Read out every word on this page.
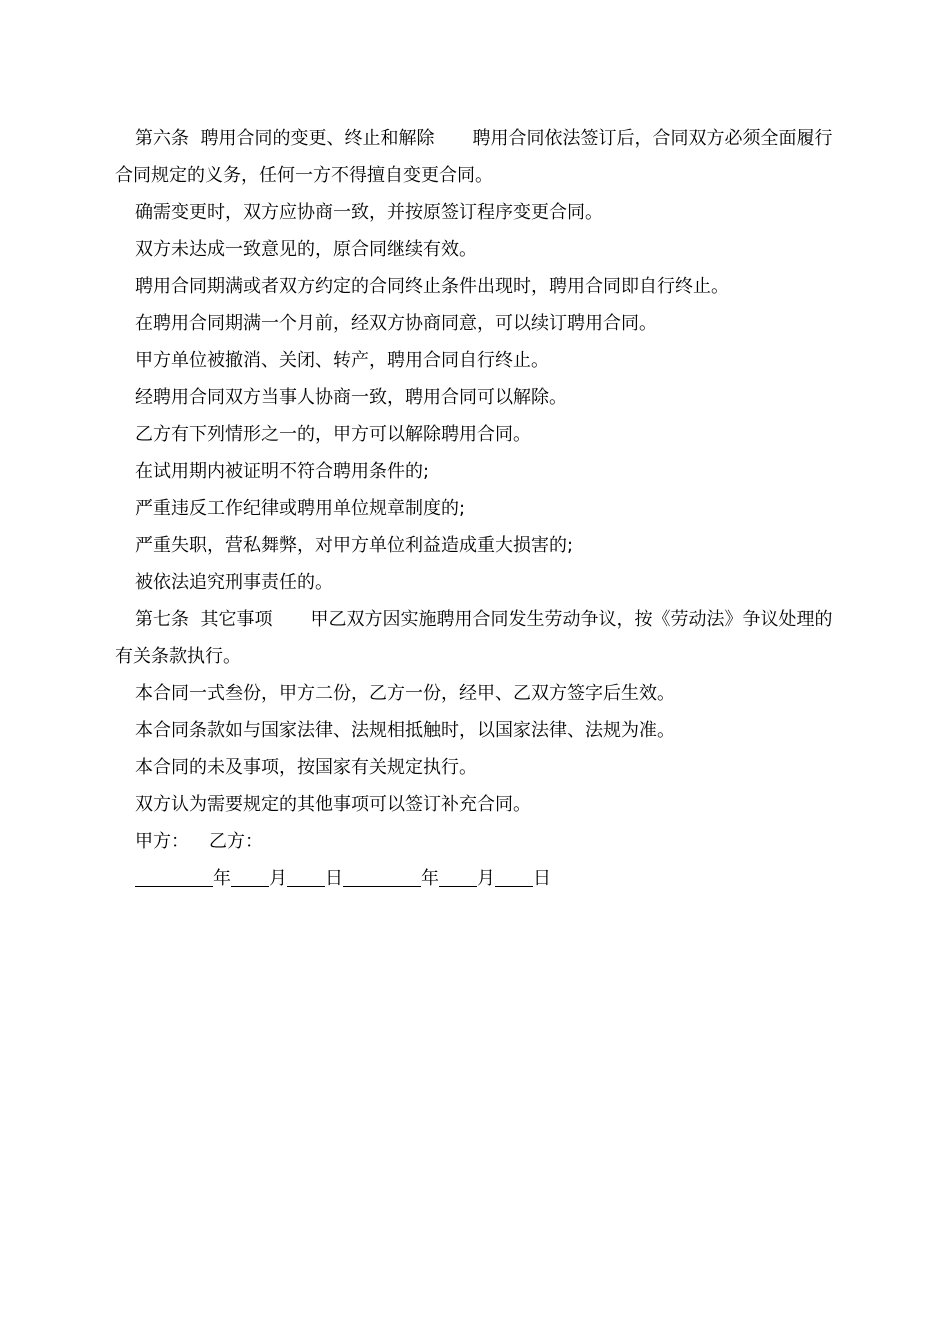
第六条 聘用合同的变更、终止和解除 聘用合同依法签订后，合同双方必须全面履行合同规定的义务，任何一方不得擅自变更合同。
确需变更时，双方应协商一致，并按原签订程序变更合同。
双方未达成一致意见的，原合同继续有效。
聘用合同期满或者双方约定的合同终止条件出现时，聘用合同即自行终止。
在聘用合同期满一个月前，经双方协商同意，可以续订聘用合同。
甲方单位被撤消、关闭、转产，聘用合同自行终止。
经聘用合同双方当事人协商一致，聘用合同可以解除。
乙方有下列情形之一的，甲方可以解除聘用合同。
在试用期内被证明不符合聘用条件的;
严重违反工作纪律或聘用单位规章制度的;
严重失职，营私舞弊，对甲方单位利益造成重大损害的;
被依法追究刑事责任的。
第七条 其它事项 甲乙双方因实施聘用合同发生劳动争议，按《劳动法》争议处理的有关条款执行。
本合同一式叁份，甲方二份，乙方一份，经甲、乙双方签字后生效。
本合同条款如与国家法律、法规相抵触时，以国家法律、法规为准。
本合同的未及事项，按国家有关规定执行。
双方认为需要规定的其他事项可以签订补充合同。
甲方： 乙方：
年 月 日	年 月 日
